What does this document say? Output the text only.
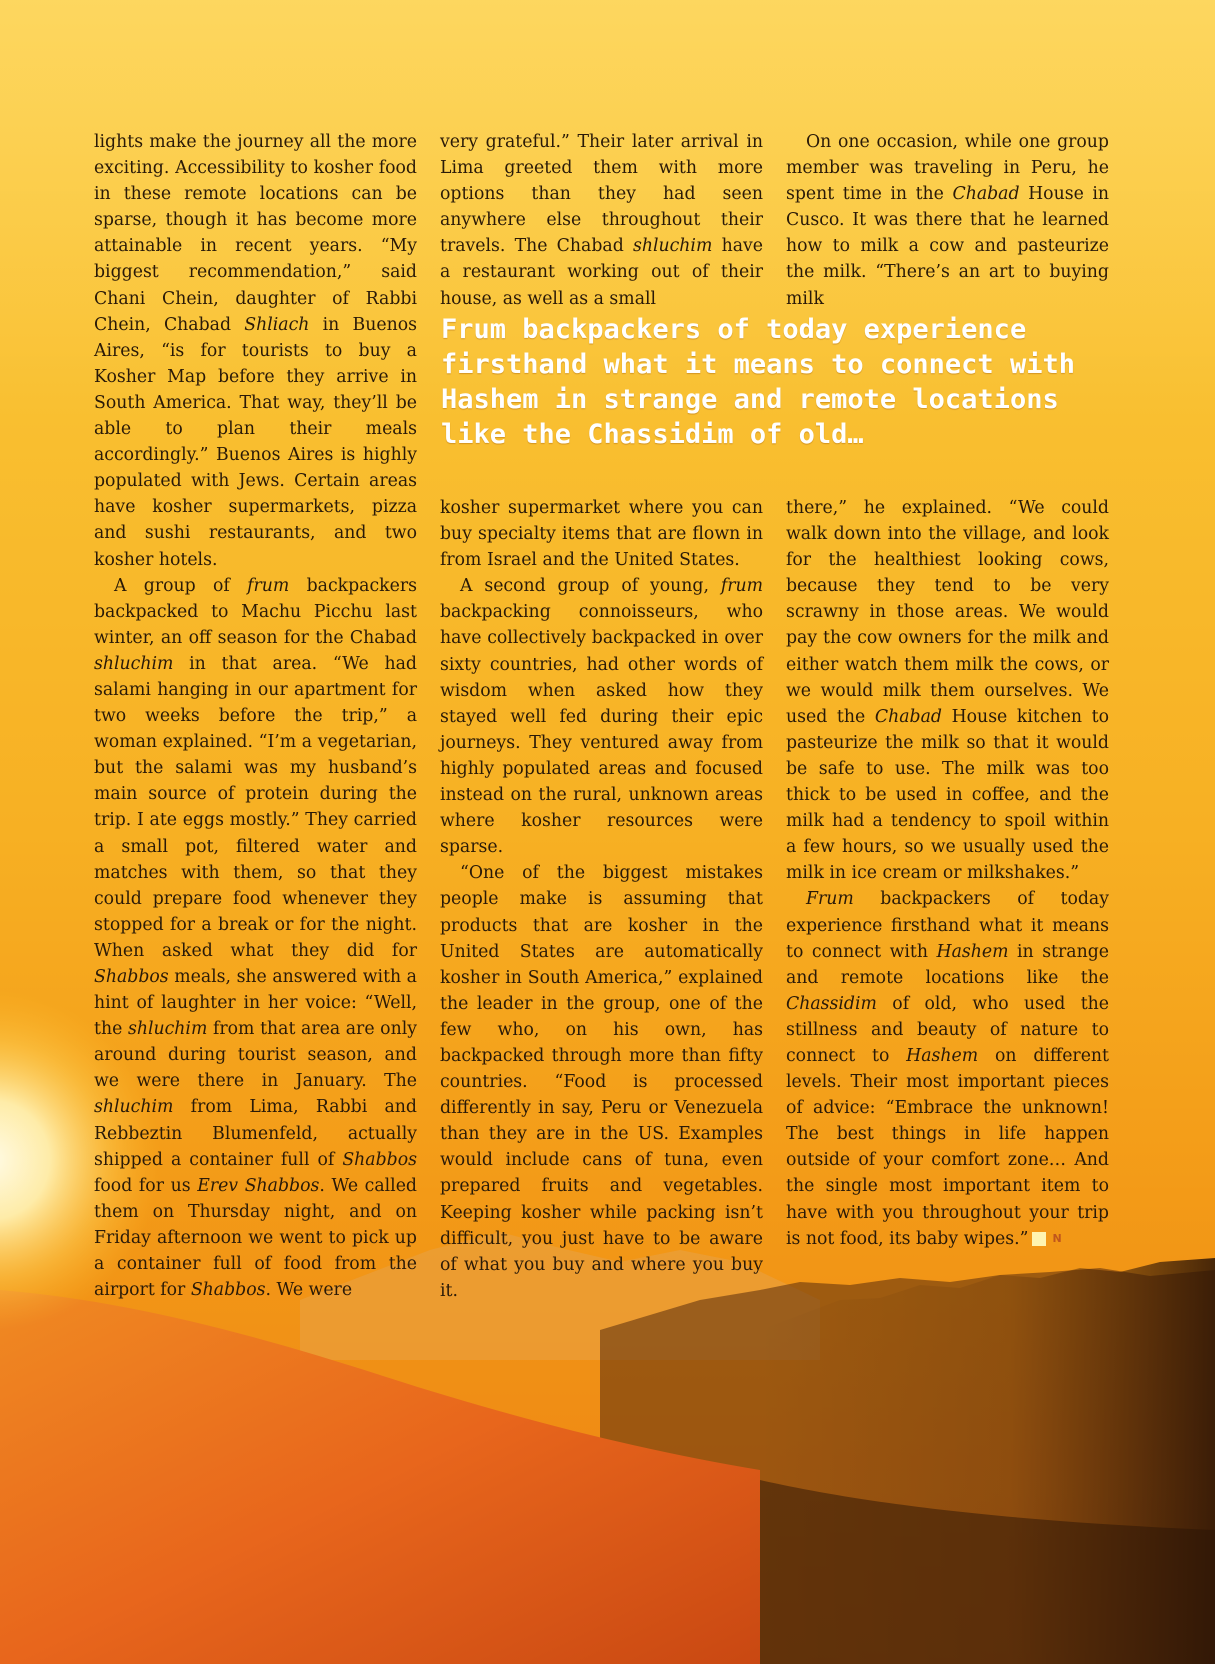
lights make the journey all the more exciting. Accessibility to kosher food in these remote locations can be sparse, though it has become more attainable in recent years. “My biggest recommendation,” said Chani Chein, daughter of Rabbi Chein, Chabad Shliach in Buenos Aires, “is for tourists to buy a Kosher Map before they arrive in South America. That way, they’ll be able to plan their meals accordingly.” Buenos Aires is highly populated with Jews. Certain areas have kosher supermarkets, pizza and sushi restaurants, and two kosher hotels.

A group of frum backpackers backpacked to Machu Picchu last winter, an off season for the Chabad shluchim in that area. “We had salami hanging in our apartment for two weeks before the trip,” a woman explained. “I’m a vegetarian, but the salami was my husband’s main source of protein during the trip. I ate eggs mostly.” They carried a small pot, filtered water and matches with them, so that they could prepare food whenever they stopped for a break or for the night. When asked what they did for Shabbos meals, she answered with a hint of laughter in her voice: “Well, the shluchim from that area are only around during tourist season, and we were there in January. The shluchim from Lima, Rabbi and Rebbeztin Blumenfeld, actually shipped a container full of Shabbos food for us Erev Shabbos. We called them on Thursday night, and on Friday afternoon we went to pick up a container full of food from the airport for Shabbos. We were

very grateful.” Their later arrival in Lima greeted them with more options than they had seen anywhere else throughout their travels. The Chabad shluchim have a restaurant working out of their house, as well as a small

On one occasion, while one group member was traveling in Peru, he spent time in the Chabad House in Cusco. It was there that he learned how to milk a cow and pasteurize the milk. “There’s an art to buying milk

Frum backpackers of today experience firsthand what it means to connect with Hashem in strange and remote locations like the Chassidim of old…

kosher supermarket where you can buy specialty items that are flown in from Israel and the United States.

A second group of young, frum backpacking connoisseurs, who have collectively backpacked in over sixty countries, had other words of wisdom when asked how they stayed well fed during their epic journeys. They ventured away from highly populated areas and focused instead on the rural, unknown areas where kosher resources were sparse.

“One of the biggest mistakes people make is assuming that products that are kosher in the United States are automatically kosher in South America,” explained the leader in the group, one of the few who, on his own, has backpacked through more than fifty countries. “Food is processed differently in say, Peru or Venezuela than they are in the US. Examples would include cans of tuna, even prepared fruits and vegetables. Keeping kosher while packing isn’t difficult, you just have to be aware of what you buy and where you buy it.

there,” he explained. “We could walk down into the village, and look for the healthiest looking cows, because they tend to be very scrawny in those areas. We would pay the cow owners for the milk and either watch them milk the cows, or we would milk them ourselves. We used the Chabad House kitchen to pasteurize the milk so that it would be safe to use. The milk was too thick to be used in coffee, and the milk had a tendency to spoil within a few hours, so we usually used the milk in ice cream or milkshakes.”

Frum backpackers of today experience firsthand what it means to connect with Hashem in strange and remote locations like the Chassidim of old, who used the stillness and beauty of nature to connect to Hashem on different levels. Their most important pieces of advice: “Embrace the unknown! The best things in life happen outside of your comfort zone… And the single most important item to have with you throughout your trip is not food, its baby wipes.” N
